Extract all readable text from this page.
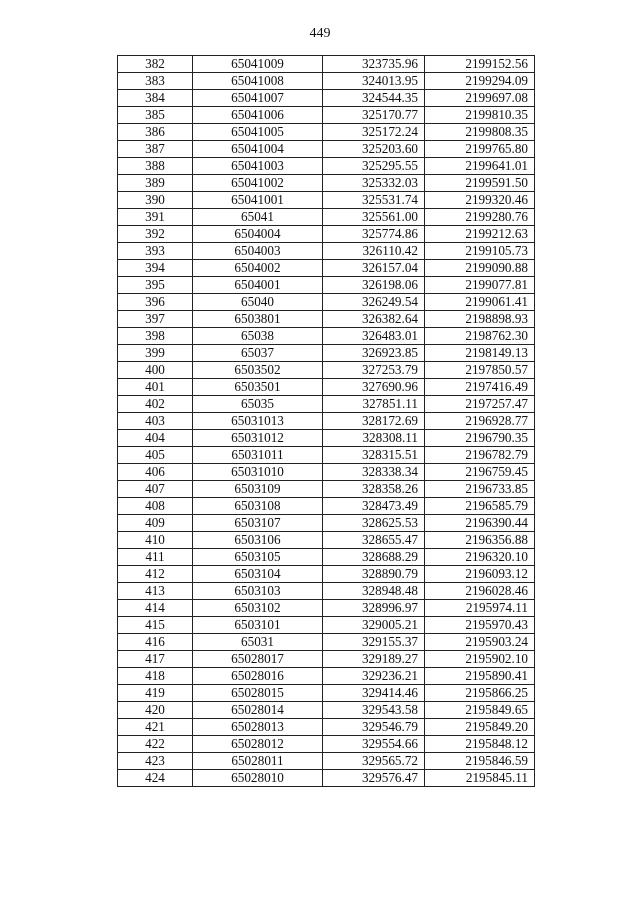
449
382	65041009	323735.96	2199152.56
383	65041008	324013.95	2199294.09
384	65041007	324544.35	2199697.08
385	65041006	325170.77	2199810.35
386	65041005	325172.24	2199808.35
387	65041004	325203.60	2199765.80
388	65041003	325295.55	2199641.01
389	65041002	325332.03	2199591.50
390	65041001	325531.74	2199320.46
391	65041	325561.00	2199280.76
392	6504004	325774.86	2199212.63
393	6504003	326110.42	2199105.73
394	6504002	326157.04	2199090.88
395	6504001	326198.06	2199077.81
396	65040	326249.54	2199061.41
397	6503801	326382.64	2198898.93
398	65038	326483.01	2198762.30
399	65037	326923.85	2198149.13
400	6503502	327253.79	2197850.57
401	6503501	327690.96	2197416.49
402	65035	327851.11	2197257.47
403	65031013	328172.69	2196928.77
404	65031012	328308.11	2196790.35
405	65031011	328315.51	2196782.79
406	65031010	328338.34	2196759.45
407	6503109	328358.26	2196733.85
408	6503108	328473.49	2196585.79
409	6503107	328625.53	2196390.44
410	6503106	328655.47	2196356.88
411	6503105	328688.29	2196320.10
412	6503104	328890.79	2196093.12
413	6503103	328948.48	2196028.46
414	6503102	328996.97	2195974.11
415	6503101	329005.21	2195970.43
416	65031	329155.37	2195903.24
417	65028017	329189.27	2195902.10
418	65028016	329236.21	2195890.41
419	65028015	329414.46	2195866.25
420	65028014	329543.58	2195849.65
421	65028013	329546.79	2195849.20
422	65028012	329554.66	2195848.12
423	65028011	329565.72	2195846.59
424	65028010	329576.47	2195845.11
